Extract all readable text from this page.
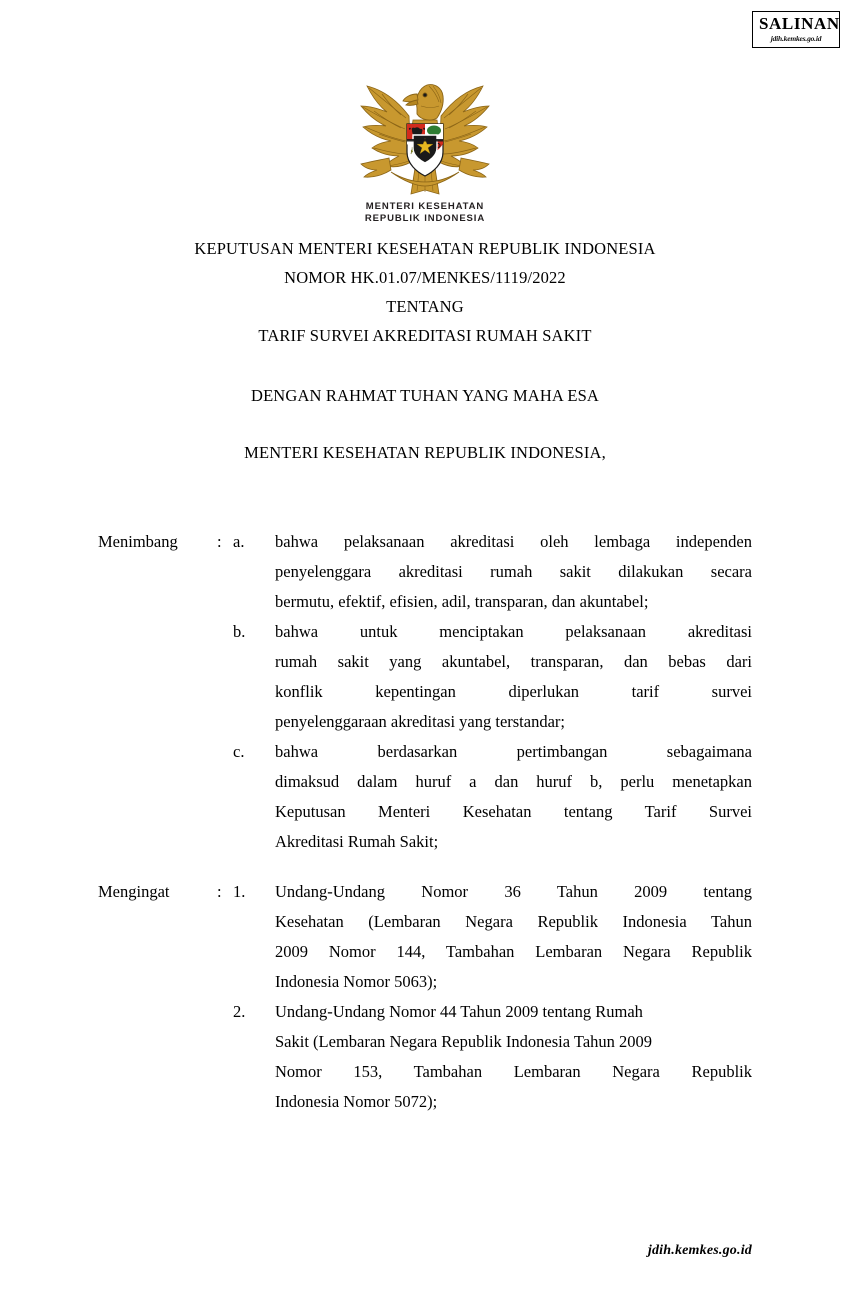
SALINAN
jdih.kemkes.go.id
MENTERI KESEHATAN
REPUBLIK INDONESIA
KEPUTUSAN MENTERI KESEHATAN REPUBLIK INDONESIA
NOMOR HK.01.07/MENKES/1119/2022
TENTANG
TARIF SURVEI AKREDITASI RUMAH SAKIT
DENGAN RAHMAT TUHAN YANG MAHA ESA
MENTERI KESEHATAN REPUBLIK INDONESIA,
Menimbang	: a.	bahwa pelaksanaan akreditasi oleh lembaga independen
penyelenggara akreditasi rumah sakit dilakukan secara
bermutu, efektif, efisien, adil, transparan, dan akuntabel;
b.	bahwa untuk menciptakan pelaksanaan akreditasi
rumah sakit yang akuntabel, transparan, dan bebas dari
konflik kepentingan diperlukan tarif survei
penyelenggaraan akreditasi yang terstandar;
c.	bahwa berdasarkan pertimbangan sebagaimana
dimaksud dalam huruf a dan huruf b, perlu menetapkan
Keputusan Menteri Kesehatan tentang Tarif Survei
Akreditasi Rumah Sakit;
Mengingat	: 1.	Undang-Undang Nomor 36 Tahun 2009 tentang
Kesehatan (Lembaran Negara Republik Indonesia Tahun
2009 Nomor 144, Tambahan Lembaran Negara Republik
Indonesia Nomor 5063);
2.	Undang-Undang Nomor 44 Tahun 2009 tentang Rumah
Sakit (Lembaran Negara Republik Indonesia Tahun 2009
Nomor 153, Tambahan Lembaran Negara Republik
Indonesia Nomor 5072);
jdih.kemkes.go.id
